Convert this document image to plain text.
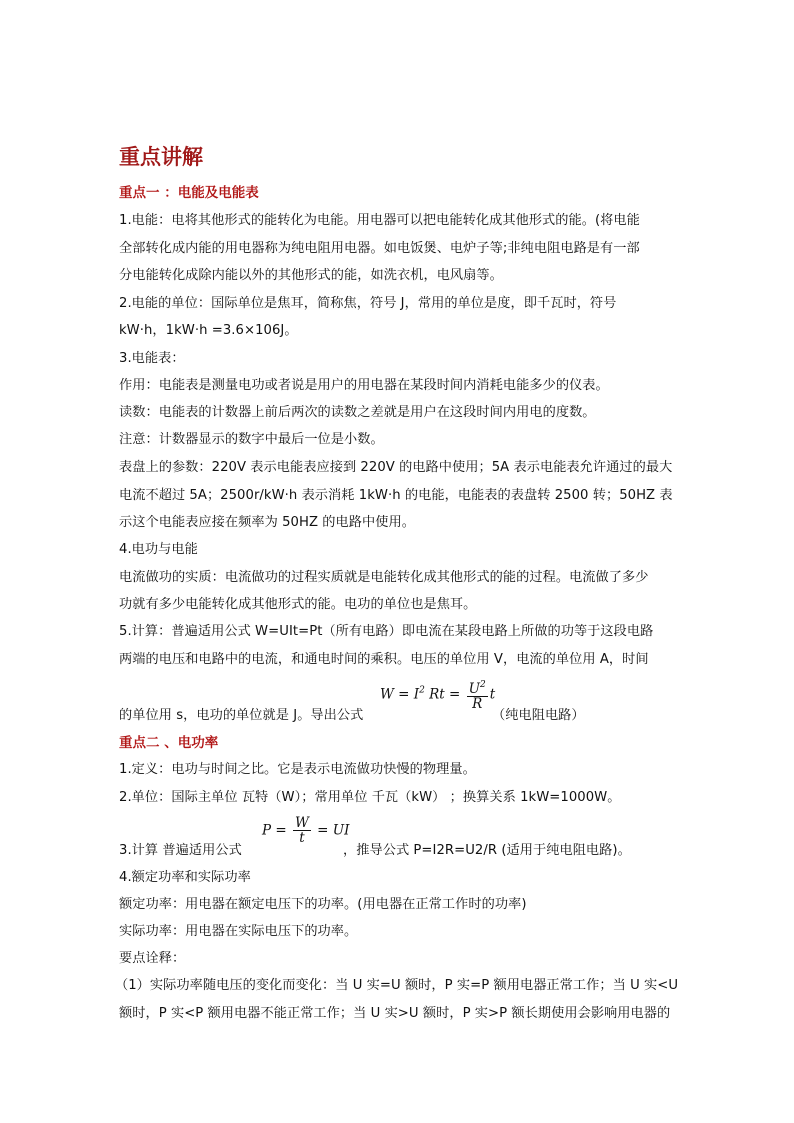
重点讲解
重点一 ：电能及电能表
1.电能：电将其他形式的能转化为电能。用电器可以把电能转化成其他形式的能。(将电能
全部转化成内能的用电器称为纯电阻用电器。如电饭煲、电炉子等;非纯电阻电路是有一部
分电能转化成除内能以外的其他形式的能，如洗衣机，电风扇等。
2.电能的单位：国际单位是焦耳，简称焦，符号 J，常用的单位是度，即千瓦时，符号
kW·h，1kW·h =3.6×106J。
3.电能表：
作用：电能表是测量电功或者说是用户的用电器在某段时间内消耗电能多少的仪表。
读数：电能表的计数器上前后两次的读数之差就是用户在这段时间内用电的度数。
注意：计数器显示的数字中最后一位是小数。
表盘上的参数：220V 表示电能表应接到 220V 的电路中使用；5A 表示电能表允许通过的最大
电流不超过 5A；2500r/kW·h 表示消耗 1kW·h 的电能，电能表的表盘转 2500 转；50HZ 表
示这个电能表应接在频率为 50HZ 的电路中使用。
4.电功与电能
电流做功的实质：电流做功的过程实质就是电能转化成其他形式的能的过程。电流做了多少
功就有多少电能转化成其他形式的能。电功的单位也是焦耳。
5.计算：普遍适用公式 W=UIt=Pt（所有电路）即电流在某段电路上所做的功等于这段电路
两端的电压和电路中的电流，和通电时间的乘积。电压的单位用 V，电流的单位用 A，时间
的单位用 s，电功的单位就是 J。导出公式
$W = I^2$ $Rt = \frac{U^2}{R}$ t
（纯电阻电路）
重点二 、电功率
1.定义：电功与时间之比。它是表示电流做功快慢的物理量。
2.单位：国际主单位 瓦特（W）；常用单位 千瓦（kW） ；换算关系 1kW=1000W。
3.计算 普遍适用公式
$P = \frac{W}{t}$ = UI
，推导公式 P=I2R=U2/R (适用于纯电阻电路)。
4.额定功率和实际功率
额定功率：用电器在额定电压下的功率。(用电器在正常工作时的功率)
实际功率：用电器在实际电压下的功率。
要点诠释：
（1）实际功率随电压的变化而变化：当 U 实=U 额时，P 实=P 额用电器正常工作；当 U 实<U
额时，P 实<P 额用电器不能正常工作；当 U 实>U 额时，P 实>P 额长期使用会影响用电器的
